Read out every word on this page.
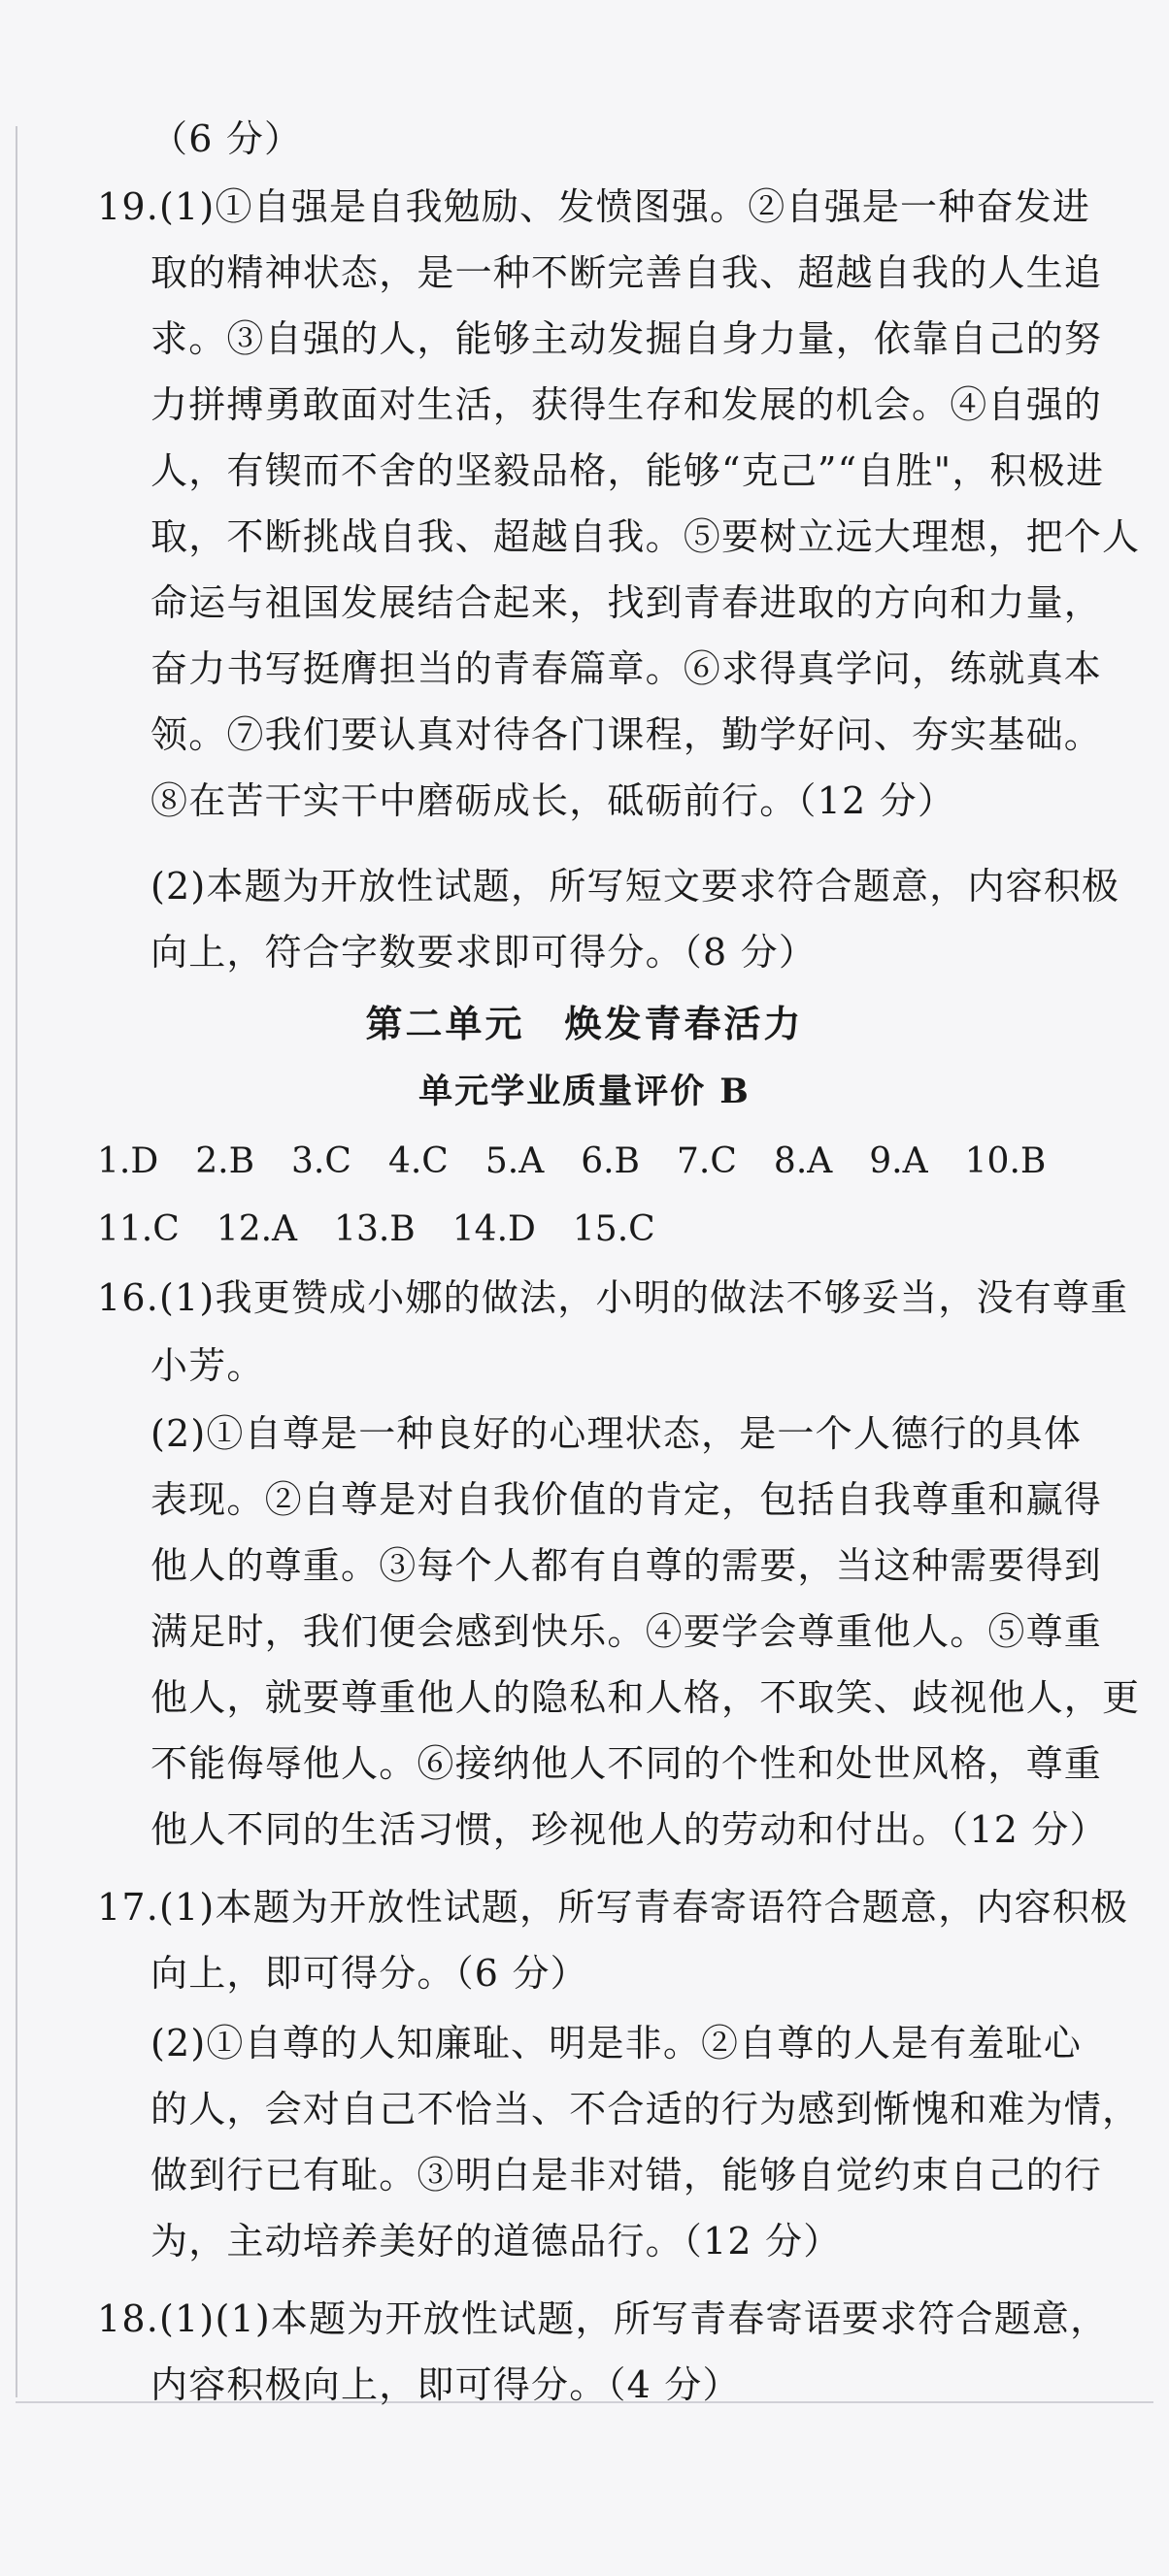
（6 分）
19.(1)①自强是自我勉励、发愤图强。②自强是一种奋发进
取的精神状态，是一种不断完善自我、超越自我的人生追
求。③自强的人，能够主动发掘自身力量，依靠自己的努
力拼搏勇敢面对生活，获得生存和发展的机会。④自强的
人，有锲而不舍的坚毅品格，能够“克己”“自胜"，积极进
取，不断挑战自我、超越自我。⑤要树立远大理想，把个人
命运与祖国发展结合起来，找到青春进取的方向和力量，
奋力书写挺膺担当的青春篇章。⑥求得真学问，练就真本
领。⑦我们要认真对待各门课程，勤学好问、夯实基础。
⑧在苦干实干中磨砺成长，砥砺前行。（12 分）
(2)本题为开放性试题，所写短文要求符合题意，内容积极
向上，符合字数要求即可得分。（8 分）
第二单元　焕发青春活力
单元学业质量评价 B
1.D 2.B 3.C 4.C 5.A 6.B 7.C 8.A 9.A 10.B
11.C 12.A 13.B 14.D 15.C
16.(1)我更赞成小娜的做法，小明的做法不够妥当，没有尊重
小芳。
(2)①自尊是一种良好的心理状态，是一个人德行的具体
表现。②自尊是对自我价值的肯定，包括自我尊重和赢得
他人的尊重。③每个人都有自尊的需要，当这种需要得到
满足时，我们便会感到快乐。④要学会尊重他人。⑤尊重
他人，就要尊重他人的隐私和人格，不取笑、歧视他人，更
不能侮辱他人。⑥接纳他人不同的个性和处世风格，尊重
他人不同的生活习惯，珍视他人的劳动和付出。（12 分）
17.(1)本题为开放性试题，所写青春寄语符合题意，内容积极
向上，即可得分。（6 分）
(2)①自尊的人知廉耻、明是非。②自尊的人是有羞耻心
的人，会对自己不恰当、不合适的行为感到惭愧和难为情，
做到行已有耻。③明白是非对错，能够自觉约束自己的行
为，主动培养美好的道德品行。（12 分）
18.(1)(1)本题为开放性试题，所写青春寄语要求符合题意，
内容积极向上，即可得分。（4 分）
